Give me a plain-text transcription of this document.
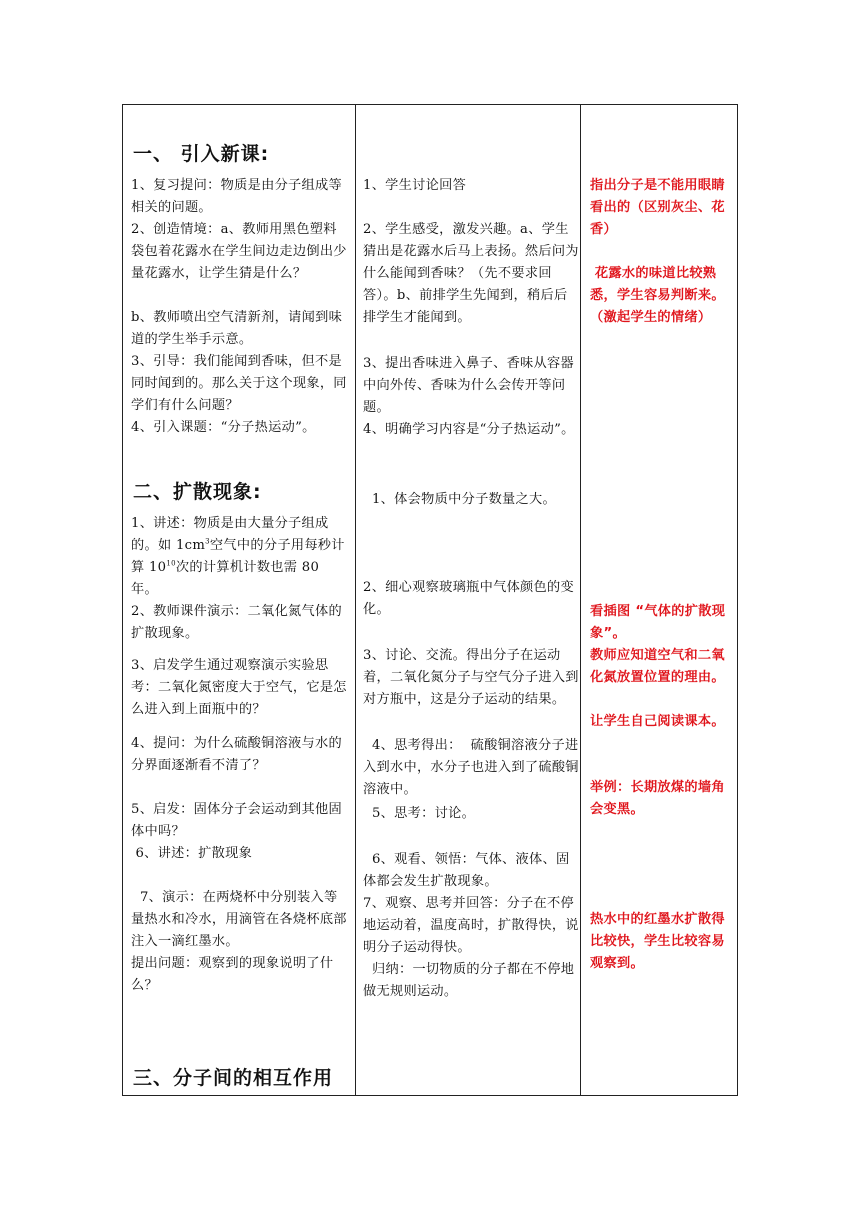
一、 引入新课:
1、复习提问：物质是由分子组成等相关的问题。
2、创造情境：a、教师用黑色塑料袋包着花露水在学生间边走边倒出少量花露水，让学生猜是什么？
b、教师喷出空气清新剂，请闻到味道的学生举手示意。
3、引导：我们能闻到香味，但不是同时闻到的。那么关于这个现象，同学们有什么问题？
4、引入课题：“分子热运动”。
二、扩散现象:
1、讲述：物质是由大量分子组成的。如 $1cm^3$空气中的分子用每秒计算 $10^{10}$次的计算机计数也需 80 年。
2、教师课件演示：二氧化氮气体的扩散现象。
3、启发学生通过观察演示实验思考：二氧化氮密度大于空气，它是怎么进入到上面瓶中的？
4、提问：为什么硫酸铜溶液与水的分界面逐渐看不清了？
5、启发：固体分子会运动到其他固体中吗？
6、讲述：扩散现象
7、演示：在两烧杯中分别装入等量热水和冷水，用滴管在各烧杯底部注入一滴红墨水。
提出问题：观察到的现象说明了什么？
三、分子间的相互作用
1、学生讨论回答
2、学生感受，激发兴趣。a、学生猜出是花露水后马上表扬。然后问为什么能闻到香味？（先不要求回答）。b、前排学生先闻到，稍后后排学生才能闻到。
3、提出香味进入鼻子、香味从容器中向外传、香味为什么会传开等问题。
4、明确学习内容是“分子热运动”。
1、体会物质中分子数量之大。
2、细心观察玻璃瓶中气体颜色的变化。
3、讨论、交流。得出分子在运动着，二氧化氮分子与空气分子进入到对方瓶中，这是分子运动的结果。
4、思考得出：  硫酸铜溶液分子进入到水中，水分子也进入到了硫酸铜溶液中。
5、思考：讨论。
6、观看、领悟：气体、液体、固体都会发生扩散现象。
7、观察、思考并回答：分子在不停地运动着，温度高时，扩散得快，说明分子运动得快。
归纳：一切物质的分子都在不停地做无规则运动。
指出分子是不能用眼睛看出的（区别灰尘、花香）
花露水的味道比较熟悉，学生容易判断来。（激起学生的情绪）
看插图 “气体的扩散现象”。
教师应知道空气和二氧化氮放置位置的理由。
让学生自己阅读课本。
举例：长期放煤的墙角会变黑。
热水中的红墨水扩散得比较快，学生比较容易观察到。
